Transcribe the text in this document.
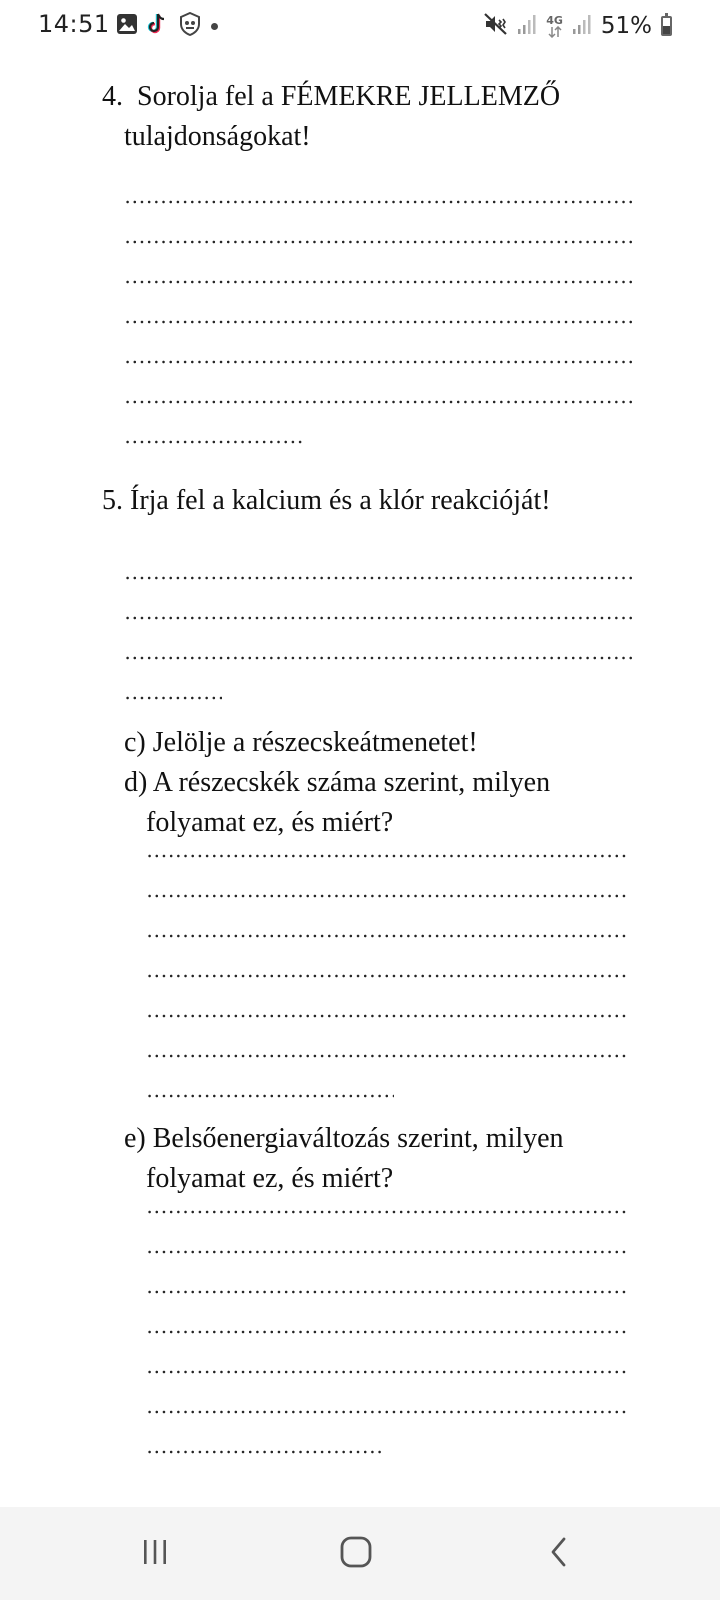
14:51	4G 51%
4. Sorolja fel a FÉMEKRE JELLEMZŐ
tulajdonságokat!
5. Írja fel a kalcium és a klór reakcióját!
c) Jelölje a részecskeátmenetet!
d) A részecskék száma szerint, milyen
folyamat ez, és miért?
e) Belsőenergiaváltozás szerint, milyen
folyamat ez, és miért?
